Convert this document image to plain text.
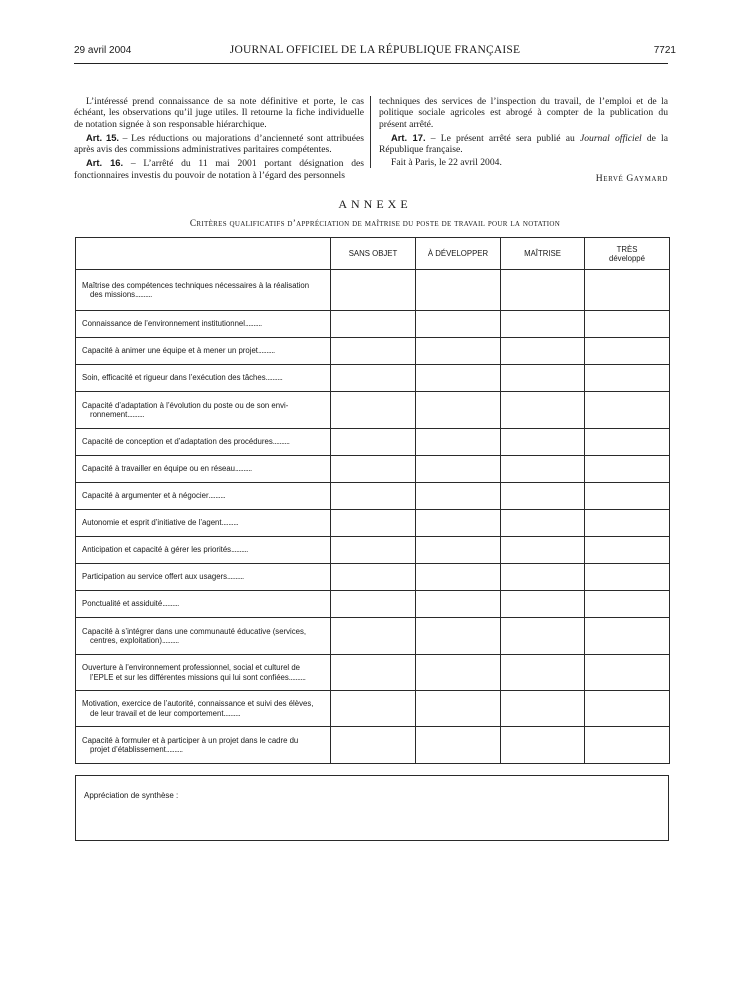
29 avril 2004	JOURNAL OFFICIEL DE LA RÉPUBLIQUE FRANÇAISE	7721

L’intéressé prend connaissance de sa note définitive et porte, le cas échéant, les observations qu’il juge utiles. Il retourne la fiche individuelle de notation signée à son responsable hiérarchique.

Art. 15. – Les réductions ou majorations d’ancienneté sont attribuées après avis des commissions administratives paritaires compétentes.

Art. 16. – L’arrêté du 11 mai 2001 portant désignation des fonctionnaires investis du pouvoir de notation à l’égard des personnels

techniques des services de l’inspection du travail, de l’emploi et de la politique sociale agricoles est abrogé à compter de la publication du présent arrêté.

Art. 17. – Le présent arrêté sera publié au Journal officiel de la République française.

Fait à Paris, le 22 avril 2004.

Hervé Gaymard
ANNEXE
Critères qualificatifs d’appréciation de maîtrise du poste de travail pour la notation
	SANS OBJET	À DÉVELOPPER	MAÎTRISE	TRÈS
développé

Maîtrise des compétences techniques nécessaires à la réalisation
des missions..........				

Connaissance de l’environnement institutionnel..........				

Capacité à animer une équipe et à mener un projet..........				

Soin, efficacité et rigueur dans l’exécution des tâches..........				

Capacité d’adaptation à l’évolution du poste ou de son envi-
ronnement..........				

Capacité de conception et d’adaptation des procédures..........				

Capacité à travailler en équipe ou en réseau..........				

Capacité à argumenter et à négocier..........				

Autonomie et esprit d’initiative de l’agent..........				

Anticipation et capacité à gérer les priorités..........				

Participation au service offert aux usagers..........				

Ponctualité et assiduité..........				

Capacité à s’intégrer dans une communauté éducative (services,
centres, exploitation)..........				

Ouverture à l’environnement professionnel, social et culturel de
l’EPLE et sur les différentes missions qui lui sont confiées..........				

Motivation, exercice de l’autorité, connaissance et suivi des élèves,
de leur travail et de leur comportement..........				

Capacité à formuler et à participer à un projet dans le cadre du
projet d’établissement..........				

Appréciation de synthèse :
